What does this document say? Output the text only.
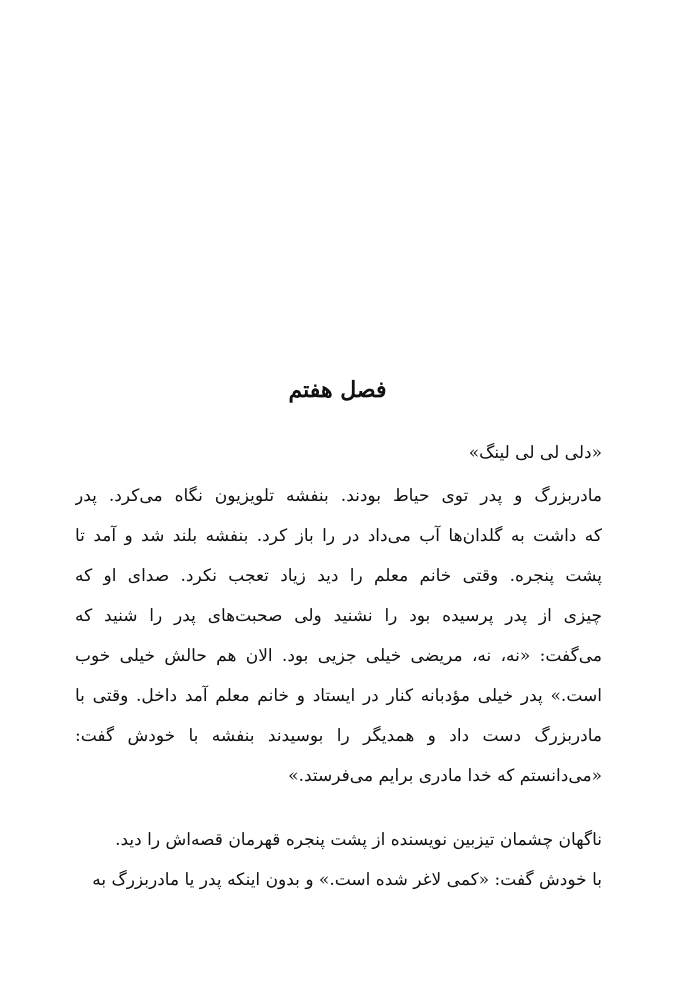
فصل هفتم
«دلی لی لی لینگ»
مادربزرگ و پدر توی حیاط بودند. بنفشه تلویزیون نگاه می‌کرد. پدر
که داشت به گلدان‌ها آب می‌داد در را باز کرد. بنفشه بلند شد و آمد تا
پشت پنجره. وقتی خانم معلم را دید زیاد تعجب نکرد. صدای او که
چیزی از پدر پرسیده بود را نشنید ولی صحبت‌های پدر را شنید که
می‌گفت: «نه، نه، مریضی خیلی جزیی بود. الان هم حالش خیلی خوب
است.» پدر خیلی مؤدبانه کنار در ایستاد و خانم معلم آمد داخل. وقتی با
مادربزرگ دست داد و همدیگر را بوسیدند بنفشه با خودش گفت:
«می‌دانستم که خدا مادری برایم می‌فرستد.»
ناگهان چشمان تیزبین نویسنده از پشت پنجره قهرمان قصه‌اش را دید.
با خودش گفت: «کمی لاغر شده است.» و بدون اینکه پدر یا مادربزرگ به
